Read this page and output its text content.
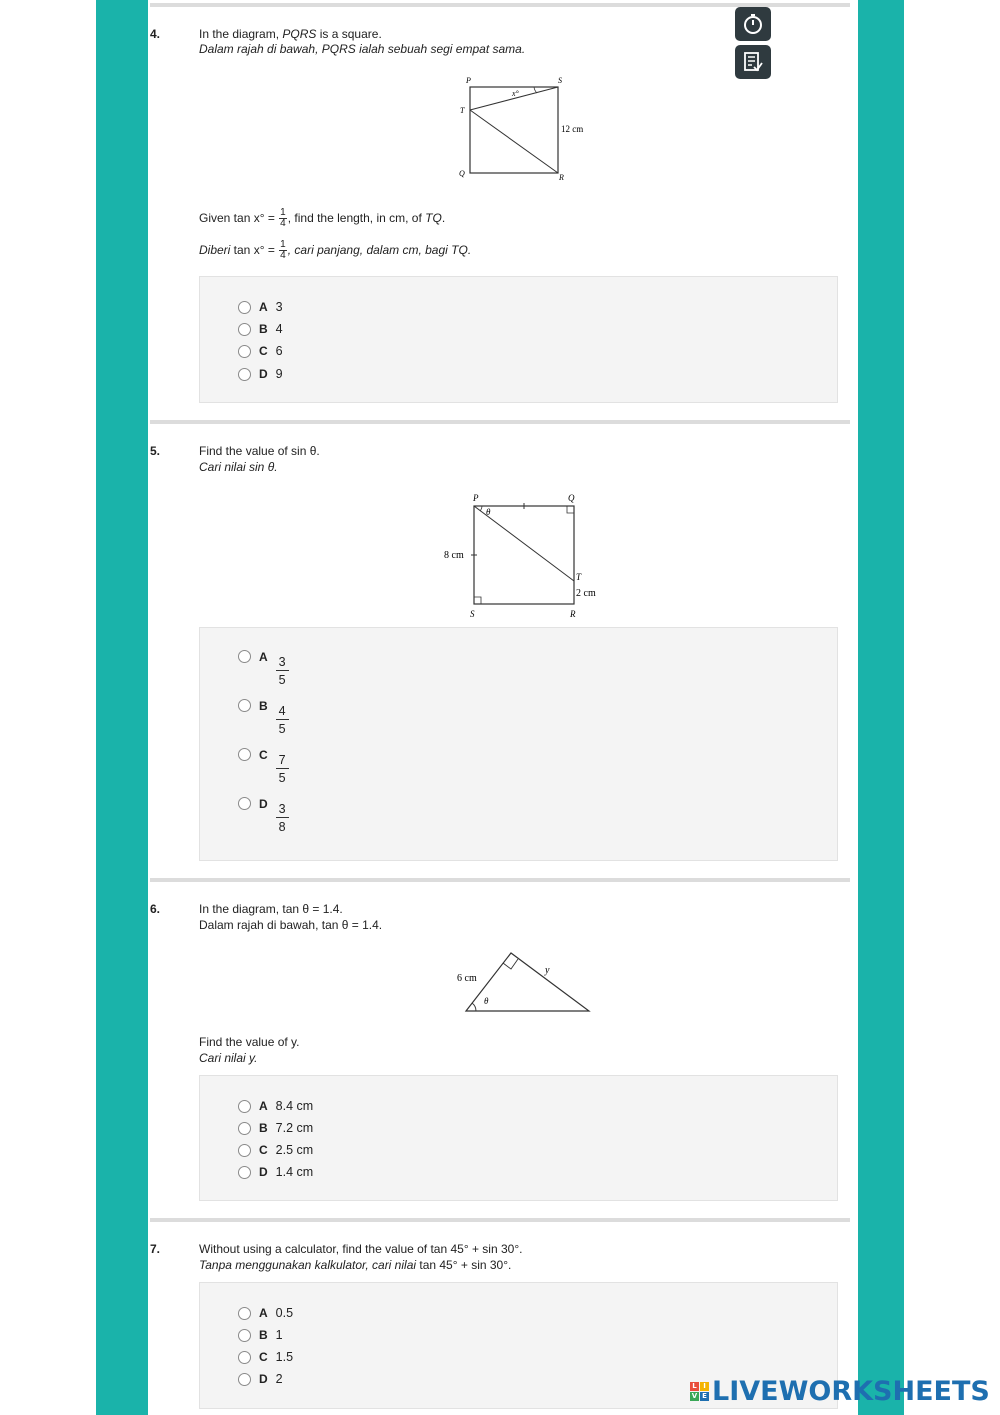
4.	In the diagram, PQRS is a square.
Dalam rajah di bawah, PQRS ialah sebuah segi empat sama.
P	S
T
Q	R
x°
12 cm
Given $\tan x^\circ = \frac{1}{4}$ , find the length, in cm, of TQ.
Diberi $\tan x^\circ = \frac{1}{4}$ , cari panjang, dalam cm, bagi TQ.
A 3
B 4
C 6
D 9
5.	Find the value of sin θ.
Cari nilai sin θ.
P	Q
θ
8 cm
T
2 cm
S	R
A $\frac{3}{5}$
B $\frac{4}{5}$
C $\frac{7}{5}$
D $\frac{3}{8}$
6.	In the diagram, tan θ = 1.4.
Dalam rajah di bawah, tan θ = 1.4.
6 cm
y
θ
Find the value of y.
Cari nilai y.
A 8.4 cm
B 7.2 cm
C 2.5 cm
D 1.4 cm
7.	Without using a calculator, find the value of tan 45° + sin 30°.
Tanpa menggunakan kalkulator, cari nilai tan 45° + sin 30°.
A 0.5
B 1
C 1.5
D 2	L I
V E LIVEWORKSHEETS
